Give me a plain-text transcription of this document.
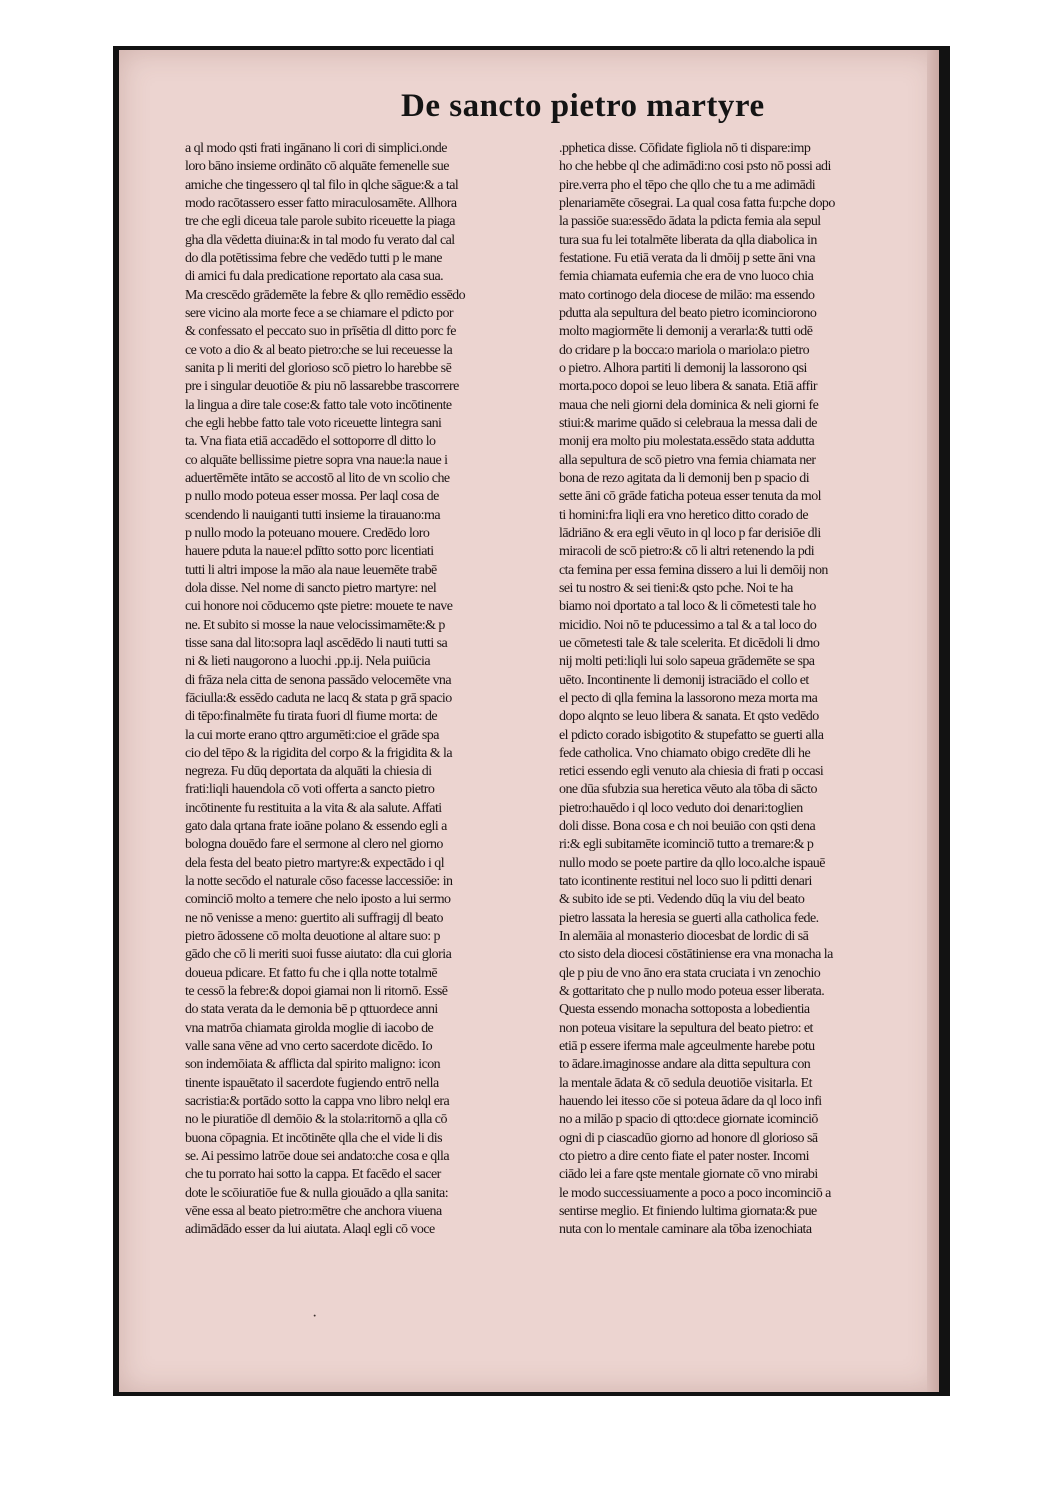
De sancto pietro martyre
a ql modo qsti frati ingānano li cori di simplici.onde
loro bāno insieme ordināto cō alquāte femenelle sue
amiche che tingessero ql tal filo in qlche sāgue:& a tal
modo racōtassero esser fatto miraculosamēte. Allhora
tre che egli diceua tale parole subito riceuette la piaga
gha dla vēdetta diuina:& in tal modo fu verato dal cal
do dla potētissima febre che vedēdo tutti p le mane
di amici fu dala predicatione reportato ala casa sua.
Ma crescēdo grādemēte la febre & qllo remēdio essēdo
sere vicino ala morte fece a se chiamare el pdicto por
& confessato el peccato suo in prīsētia dl ditto porc fe
ce voto a dio & al beato pietro:che se lui receuesse la
sanita p li meriti del glorioso scō pietro lo harebbe sē
pre i singular deuotiōe & piu nō lassarebbe trascorrere
la lingua a dire tale cose:& fatto tale voto incōtinente
che egli hebbe fatto tale voto riceuette lintegra sani
ta. Vna fiata etiā accadēdo el sottoporre dl ditto lo
co alquāte bellissime pietre sopra vna naue:la naue i
aduertēmēte intāto se accostō al lito de vn scolio che
p nullo modo poteua esser mossa. Per laql cosa de
scendendo li nauiganti tutti insieme la tirauano:ma
p nullo modo la poteuano mouere. Credēdo loro
hauere pduta la naue:el pdītto sotto porc licentiati
tutti li altri impose la māo ala naue leuemēte trabē
dola disse. Nel nome di sancto pietro martyre: nel
cui honore noi cōducemo qste pietre: mouete te nave
ne. Et subito si mosse la naue velocissimamēte:& p
tisse sana dal lito:sopra laql ascēdēdo li nauti tutti sa
ni & lieti naugorono a luochi .pp.ij. Nela puiūcia
di frāza nela citta de senona passādo velocemēte vna
fāciulla:& essēdo caduta ne lacq & stata p grā spacio
di tēpo:finalmēte fu tirata fuori dl fiume morta: de
la cui morte erano qttro argumēti:cioe el grāde spa
cio del tēpo & la rigidita del corpo & la frigidita & la
negreza. Fu dūq deportata da alquāti la chiesia di
frati:liqli hauendola cō voti offerta a sancto pietro
incōtinente fu restituita a la vita & ala salute. Affati
gato dala qrtana frate ioāne polano & essendo egli a
bologna douēdo fare el sermone al clero nel giorno
dela festa del beato pietro martyre:& expectādo i ql
la notte secōdo el naturale cōso facesse laccessiōe: in
cominciō molto a temere che nelo iposto a lui sermo
ne nō venisse a meno: guertito ali suffragij dl beato
pietro ādossene cō molta deuotione al altare suo: p
gādo che cō li meriti suoi fusse aiutato: dla cui gloria
doueua pdicare. Et fatto fu che i qlla notte totalmē
te cessō la febre:& dopoi giamai non li ritornō. Essē
do stata verata da le demonia bē p qttuordece anni
vna matrōa chiamata girolda moglie di iacobo de
valle sana vēne ad vno certo sacerdote dicēdo. Io
son indemōiata & afflicta dal spirito maligno: icon
tinente ispauētato il sacerdote fugiendo entrō nella
sacristia:& portādo sotto la cappa vno libro nelql era
no le piuratiōe dl demōio & la stola:ritornō a qlla cō
buona cōpagnia. Et incōtinēte qlla che el vide li dis
se. Ai pessimo latrōe doue sei andato:che cosa e qlla
che tu porrato hai sotto la cappa. Et facēdo el sacer
dote le scōiuratiōe fue & nulla giouādo a qlla sanita:
vēne essa al beato pietro:mētre che anchora viuena
adimādādo esser da lui aiutata. Alaql egli cō voce
.pphetica disse. Cōfidate figliola nō ti dispare:imp
ho che hebbe ql che adimādi:no cosi psto nō possi adi
pire.verra pho el tēpo che qllo che tu a me adimādi
plenariamēte cōsegrai. La qual cosa fatta fu:pche dopo
la passiōe sua:essēdo ādata la pdicta femia ala sepul
tura sua fu lei totalmēte liberata da qlla diabolica in
festatione. Fu etiā verata da li dmōij p sette āni vna
femia chiamata eufemia che era de vno luoco chia
mato cortinogo dela diocese de milāo: ma essendo
pdutta ala sepultura del beato pietro icominciorono
molto magiormēte li demonij a verarla:& tutti odē
do cridare p la bocca:o mariola o mariola:o pietro
o pietro. Alhora partiti li demonij la lassorono qsi
morta.poco dopoi se leuo libera & sanata. Etiā affir
maua che neli giorni dela dominica & neli giorni fe
stiui:& marime quādo si celebraua la messa dali de
monij era molto piu molestata.essēdo stata addutta
alla sepultura de scō pietro vna femia chiamata ner
bona de rezo agitata da li demonij ben p spacio di
sette āni cō grāde faticha poteua esser tenuta da mol
ti homini:fra liqli era vno heretico ditto corado de
lādriāno & era egli vēuto in ql loco p far derisiōe dli
miracoli de scō pietro:& cō li altri retenendo la pdi
cta femina per essa femina dissero a lui li demōij non
sei tu nostro & sei tieni:& qsto pche. Noi te ha
biamo noi dportato a tal loco & li cōmetesti tale ho
micidio. Noi nō te pducessimo a tal & a tal loco do
ue cōmetesti tale & tale scelerita. Et dicēdoli li dmo
nij molti peti:liqli lui solo sapeua grādemēte se spa
uēto. Incontinente li demonij istraciādo el collo et
el pecto di qlla femina la lassorono meza morta ma
dopo alqnto se leuo libera & sanata. Et qsto vedēdo
el pdicto corado isbigotito & stupefatto se guerti alla
fede catholica. Vno chiamato obigo credēte dli he
retici essendo egli venuto ala chiesia di frati p occasi
one dūa sfubzia sua heretica vēuto ala tōba di sācto
pietro:hauēdo i ql loco veduto doi denari:toglien
doli disse. Bona cosa e ch noi beuiāo con qsti dena
ri:& egli subitamēte icominciō tutto a tremare:& p
nullo modo se poete partire da qllo loco.alche ispauē
tato icontinente restitui nel loco suo li pditti denari
& subito ide se pti. Vedendo dūq la viu del beato
pietro lassata la heresia se guerti alla catholica fede.
In alemāia al monasterio diocesbat de lordic di sā
cto sisto dela diocesi cōstātiniense era vna monacha la
qle p piu de vno āno era stata cruciata i vn zenochio
& gottaritato che p nullo modo poteua esser liberata.
Questa essendo monacha sottoposta a lobedientia
non poteua visitare la sepultura del beato pietro: et
etiā p essere iferma male agceulmente harebe potu
to ādare.imaginosse andare ala ditta sepultura con
la mentale ādata & cō sedula deuotiōe visitarla. Et
hauendo lei itesso cōe si poteua ādare da ql loco infi
no a milāo p spacio di qtto:dece giornate icominciō
ogni di p ciascadūo giorno ad honore dl glorioso sā
cto pietro a dire cento fiate el pater noster. Incomi
ciādo lei a fare qste mentale giornate cō vno mirabi
le modo successiuamente a poco a poco incominciō a
sentirse meglio. Et finiendo lultima giornata:& pue
nuta con lo mentale caminare ala tōba izenochiata
·
